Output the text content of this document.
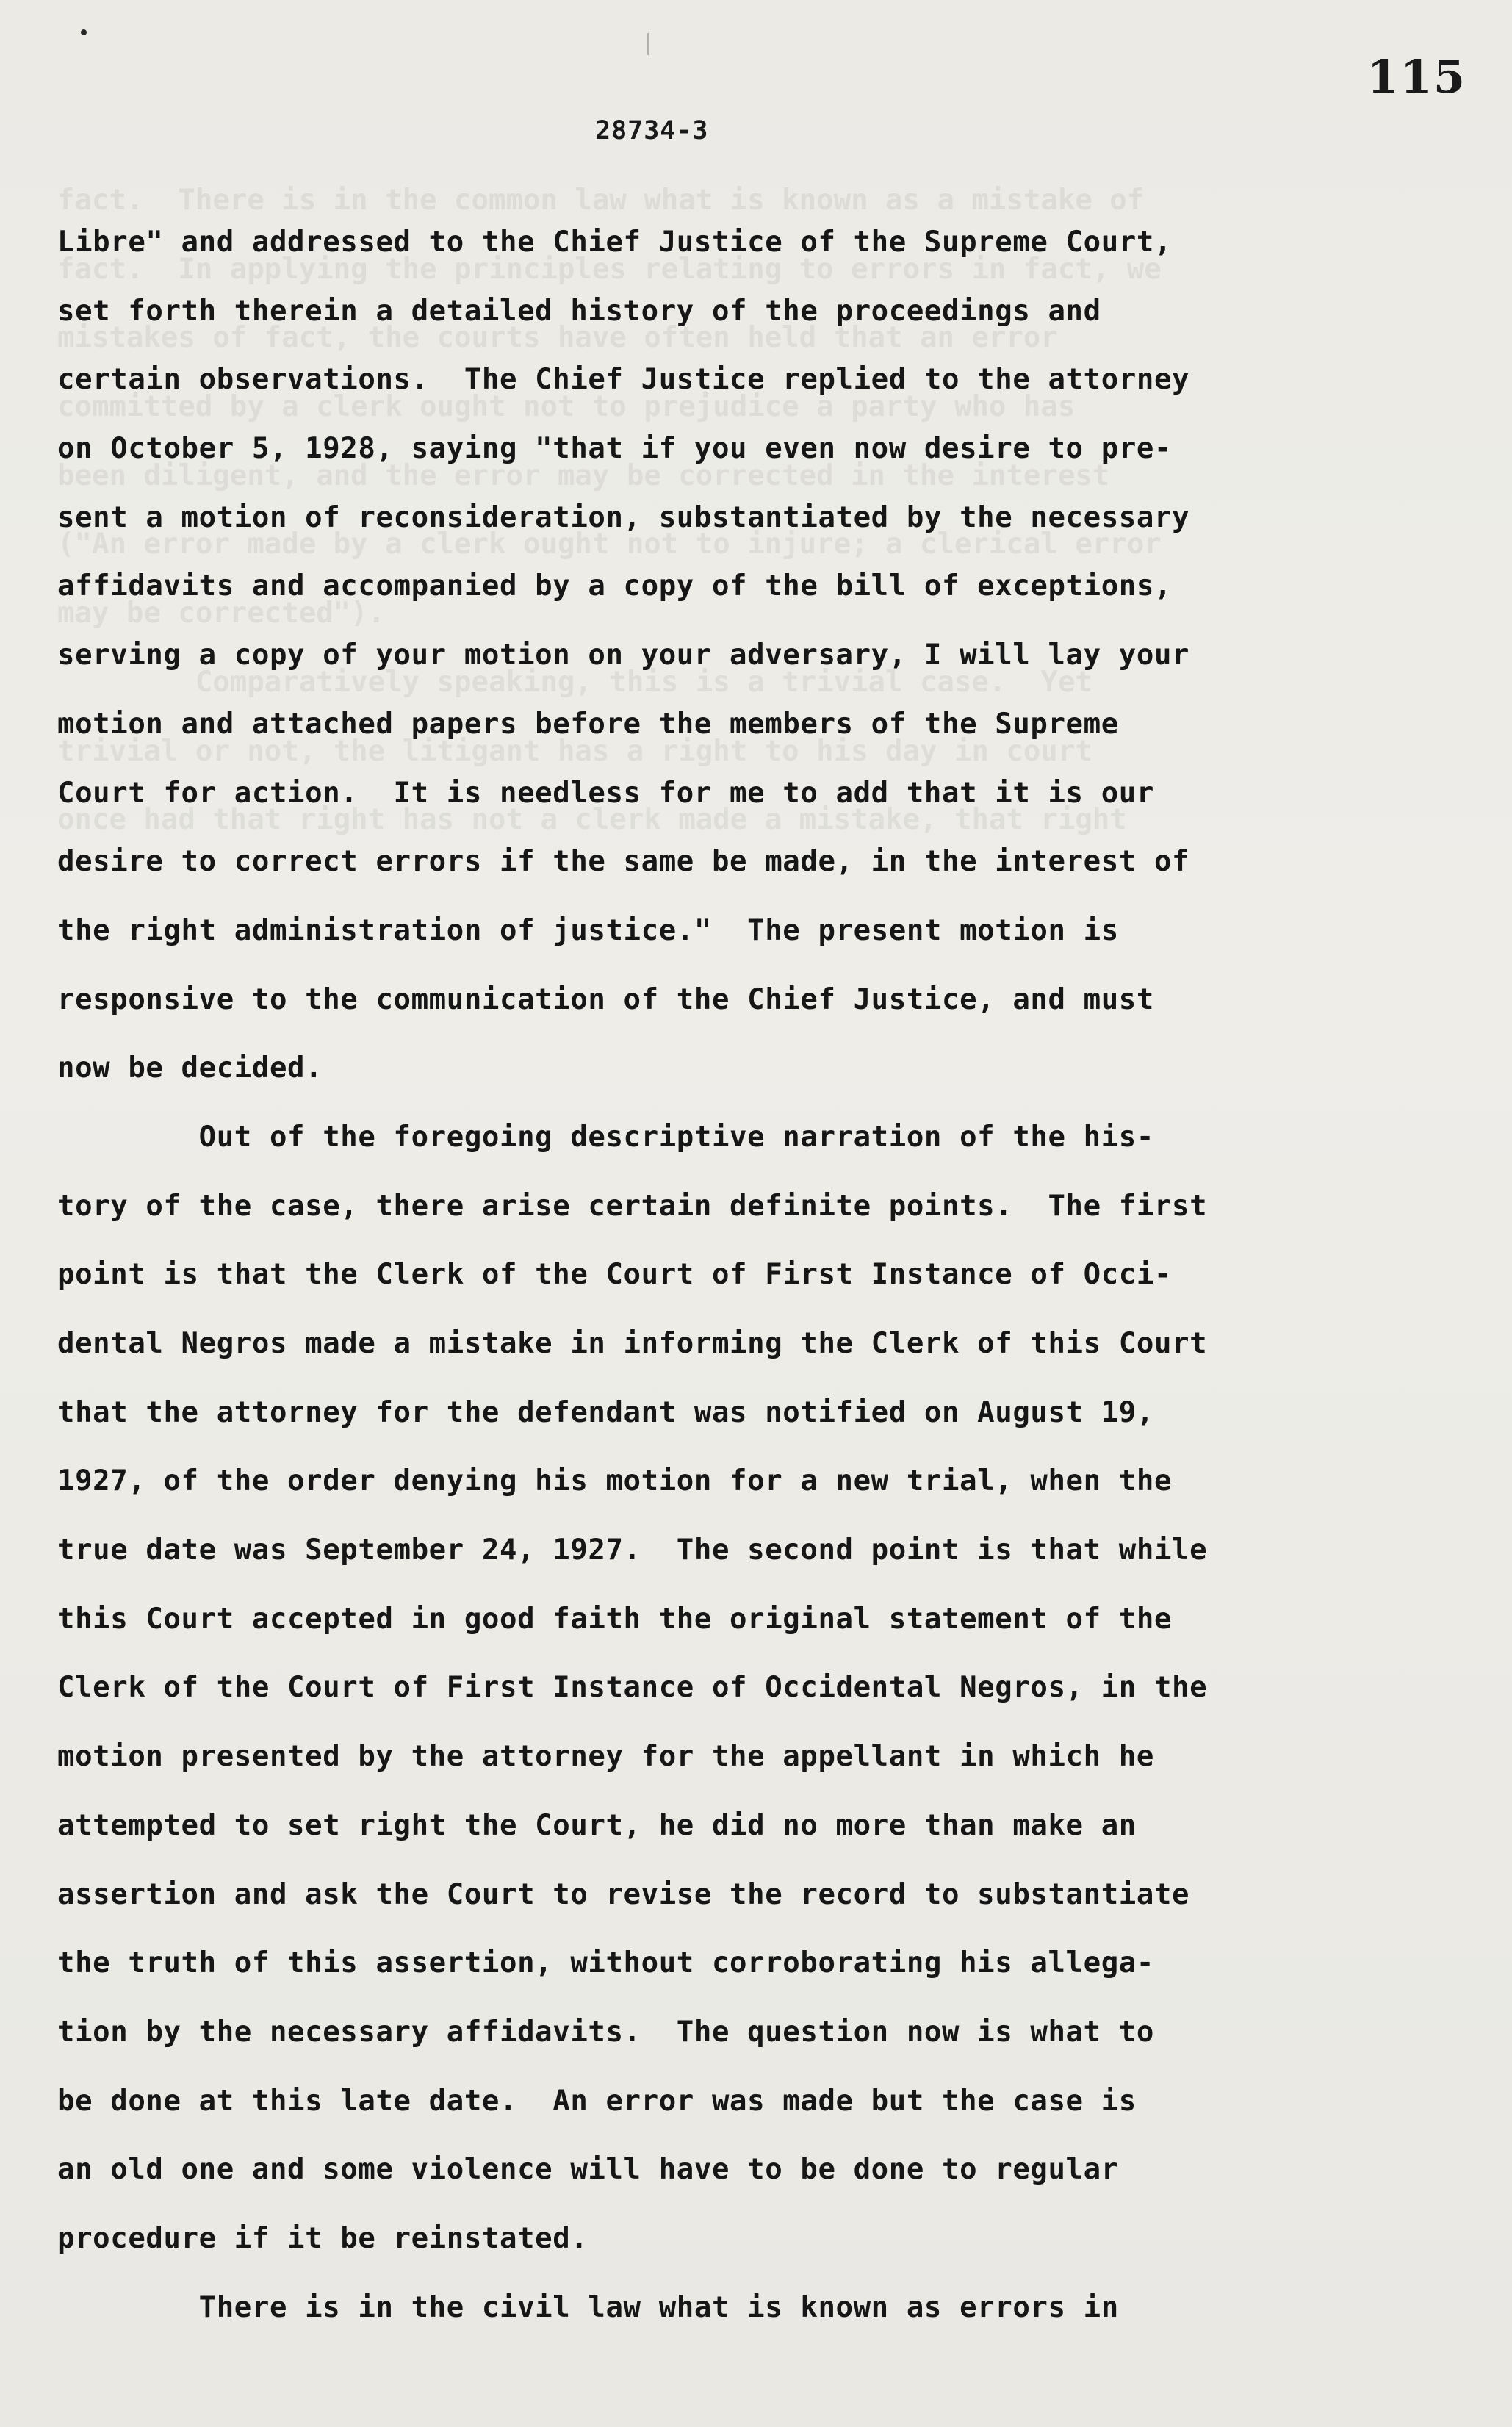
fact.  There is in the common law what is known as a mistake of
fact.  In applying the principles relating to errors in fact, we
mistakes of fact, the courts have often held that an error
committed by a clerk ought not to prejudice a party who has
been diligent, and the error may be corrected in the interest
("An error made by a clerk ought not to injure; a clerical error
may be corrected").
Comparatively speaking, this is a trivial case.  Yet
trivial or not, the litigant has a right to his day in court
once had that right has not a clerk made a mistake, that right
115
28734-3
Libre" and addressed to the Chief Justice of the Supreme Court,
set forth therein a detailed history of the proceedings and
certain observations.  The Chief Justice replied to the attorney
on October 5, 1928, saying "that if you even now desire to pre-
sent a motion of reconsideration, substantiated by the necessary
affidavits and accompanied by a copy of the bill of exceptions,
serving a copy of your motion on your adversary, I will lay your
motion and attached papers before the members of the Supreme
Court for action.  It is needless for me to add that it is our
desire to correct errors if the same be made, in the interest of
the right administration of justice."  The present motion is
responsive to the communication of the Chief Justice, and must
now be decided.
Out of the foregoing descriptive narration of the his-
tory of the case, there arise certain definite points.  The first
point is that the Clerk of the Court of First Instance of Occi-
dental Negros made a mistake in informing the Clerk of this Court
that the attorney for the defendant was notified on August 19,
1927, of the order denying his motion for a new trial, when the
true date was September 24, 1927.  The second point is that while
this Court accepted in good faith the original statement of the
Clerk of the Court of First Instance of Occidental Negros, in the
motion presented by the attorney for the appellant in which he
attempted to set right the Court, he did no more than make an
assertion and ask the Court to revise the record to substantiate
the truth of this assertion, without corroborating his allega-
tion by the necessary affidavits.  The question now is what to
be done at this late date.  An error was made but the case is
an old one and some violence will have to be done to regular
procedure if it be reinstated.
There is in the civil law what is known as errors in
